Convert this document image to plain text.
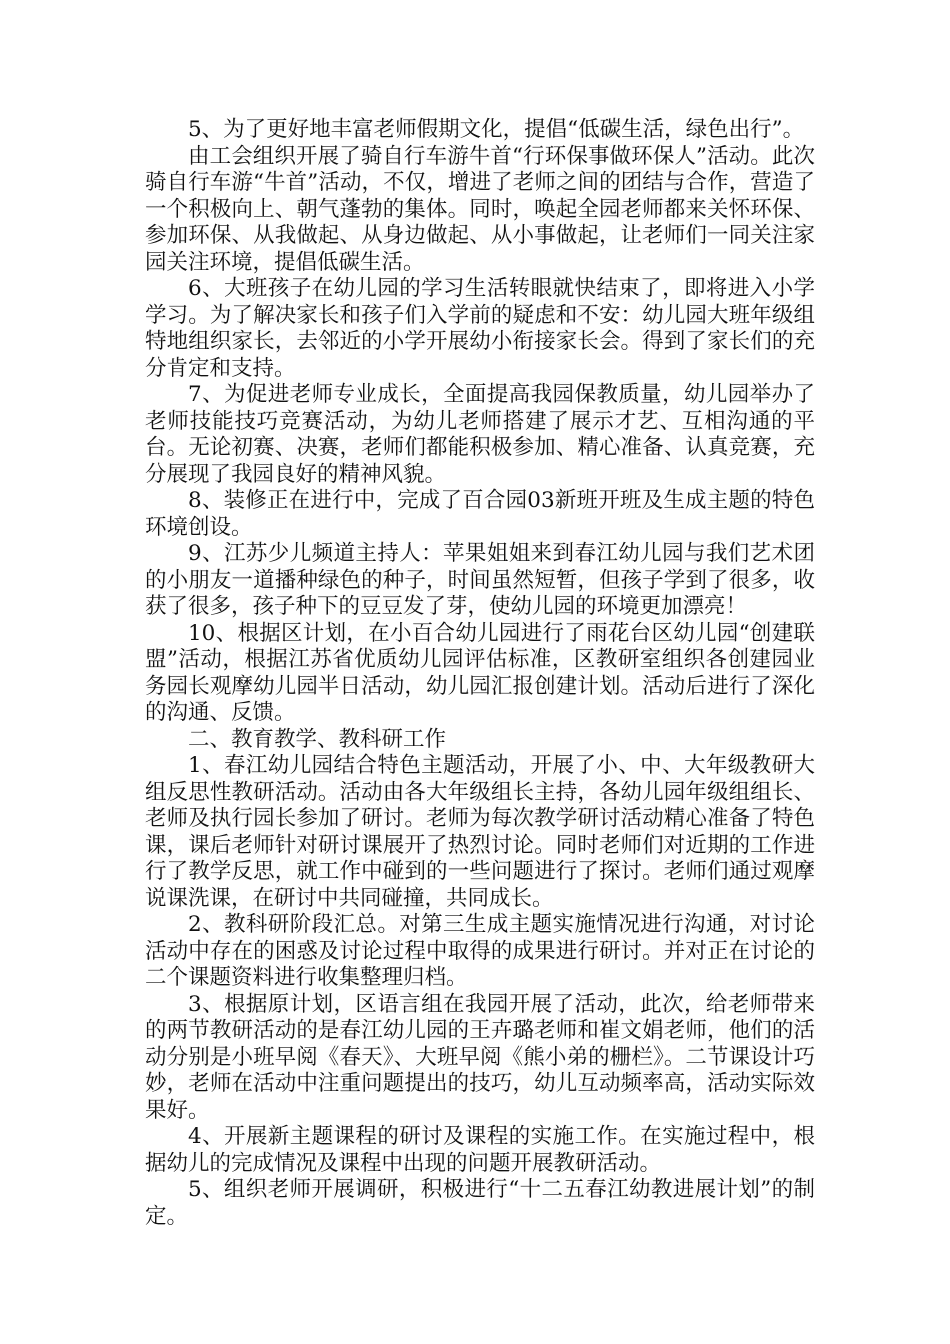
5、为了更好地丰富老师假期文化，提倡“低碳生活，绿色出行”。

由工会组织开展了骑自行车游牛首“行环保事做环保人”活动。此次骑自行车游“牛首”活动，不仅，增进了老师之间的团结与合作，营造了一个积极向上、朝气蓬勃的集体。同时，唤起全园老师都来关怀环保、参加环保、从我做起、从身边做起、从小事做起，让老师们一同关注家园关注环境，提倡低碳生活。

6、大班孩子在幼儿园的学习生活转眼就快结束了，即将进入小学学习。为了解决家长和孩子们入学前的疑虑和不安：幼儿园大班年级组特地组织家长，去邻近的小学开展幼小衔接家长会。得到了家长们的充分肯定和支持。

7、为促进老师专业成长，全面提高我园保教质量，幼儿园举办了老师技能技巧竞赛活动，为幼儿老师搭建了展示才艺、互相沟通的平台。无论初赛、决赛，老师们都能积极参加、精心准备、认真竞赛，充分展现了我园良好的精神风貌。

8、装修正在进行中，完成了百合园03新班开班及生成主题的特色环境创设。

9、江苏少儿频道主持人：苹果姐姐来到春江幼儿园与我们艺术团的小朋友一道播种绿色的种子，时间虽然短暂，但孩子学到了很多，收获了很多，孩子种下的豆豆发了芽，使幼儿园的环境更加漂亮！

10、根据区计划，在小百合幼儿园进行了雨花台区幼儿园“创建联盟”活动，根据江苏省优质幼儿园评估标准，区教研室组织各创建园业务园长观摩幼儿园半日活动，幼儿园汇报创建计划。活动后进行了深化的沟通、反馈。

二、教育教学、教科研工作

1、春江幼儿园结合特色主题活动，开展了小、中、大年级教研大组反思性教研活动。活动由各大年级组长主持，各幼儿园年级组组长、老师及执行园长参加了研讨。老师为每次教学研讨活动精心准备了特色课，课后老师针对研讨课展开了热烈讨论。同时老师们对近期的工作进行了教学反思，就工作中碰到的一些问题进行了探讨。老师们通过观摩说课洗课，在研讨中共同碰撞，共同成长。

2、教科研阶段汇总。对第三生成主题实施情况进行沟通，对讨论活动中存在的困惑及讨论过程中取得的成果进行研讨。并对正在讨论的二个课题资料进行收集整理归档。

3、根据原计划，区语言组在我园开展了活动，此次，给老师带来的两节教研活动的是春江幼儿园的王卉璐老师和崔文娟老师，他们的活动分别是小班早阅《春天》、大班早阅《熊小弟的栅栏》。二节课设计巧妙，老师在活动中注重问题提出的技巧，幼儿互动频率高，活动实际效果好。

4、开展新主题课程的研讨及课程的实施工作。在实施过程中，根据幼儿的完成情况及课程中出现的问题开展教研活动。

5、组织老师开展调研，积极进行“十二五春江幼教进展计划”的制定。
